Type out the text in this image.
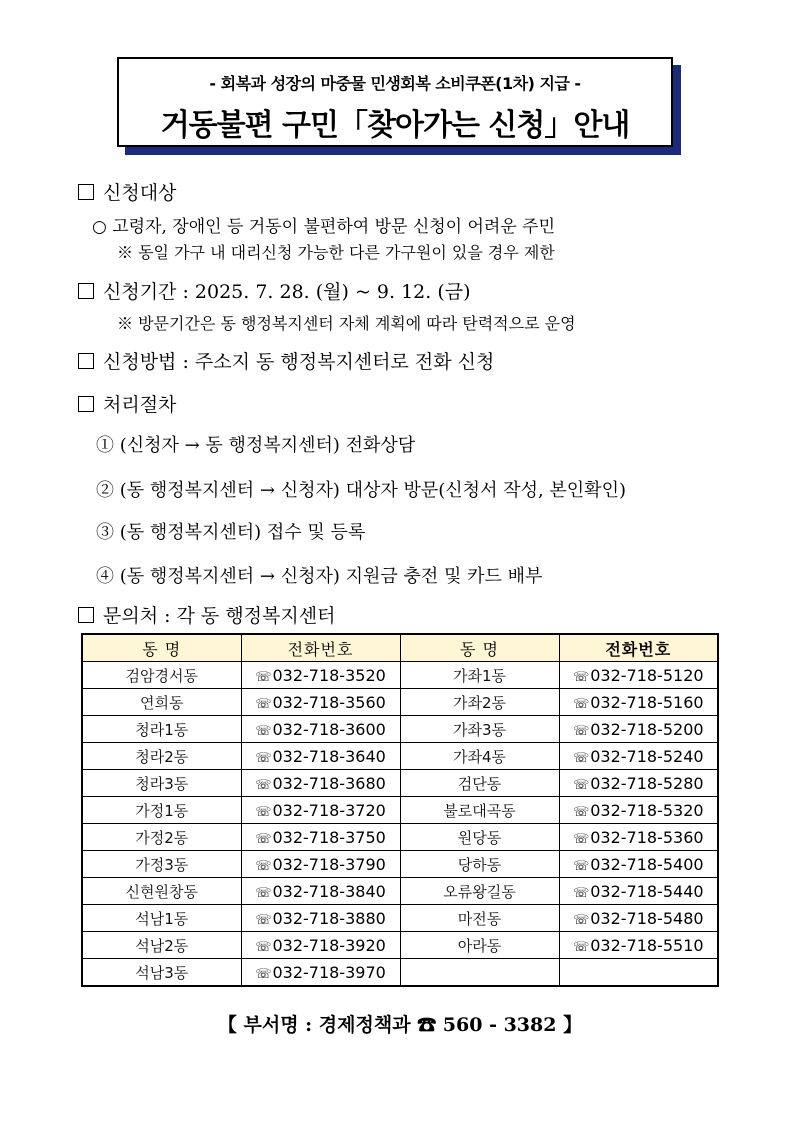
- 회복과 성장의 마중물 민생회복 소비쿠폰(1차) 지급 -
거동불편 구민「찾아가는 신청」안내
신청대상
○ 고령자, 장애인 등 거동이 불편하여 방문 신청이 어려운 주민
※ 동일 가구 내 대리신청 가능한 다른 가구원이 있을 경우 제한
신청기간 : 2025. 7. 28. (월) ~ 9. 12. (금)
※ 방문기간은 동 행정복지센터 자체 계획에 따라 탄력적으로 운영
신청방법 : 주소지 동 행정복지센터로 전화 신청
처리절차
① (신청자 → 동 행정복지센터) 전화상담
② (동 행정복지센터 → 신청자) 대상자 방문(신청서 작성, 본인확인)
③ (동 행정복지센터) 접수 및 등록
④ (동 행정복지센터 → 신청자) 지원금 충전 및 카드 배부
문의처 : 각 동 행정복지센터
동 명	전화번호	동 명	전화번호
검암경서동	☏032-718-3520	가좌1동	☏032-718-5120
연희동	☏032-718-3560	가좌2동	☏032-718-5160
청라1동	☏032-718-3600	가좌3동	☏032-718-5200
청라2동	☏032-718-3640	가좌4동	☏032-718-5240
청라3동	☏032-718-3680	검단동	☏032-718-5280
가정1동	☏032-718-3720	불로대곡동	☏032-718-5320
가정2동	☏032-718-3750	원당동	☏032-718-5360
가정3동	☏032-718-3790	당하동	☏032-718-5400
신현원창동	☏032-718-3840	오류왕길동	☏032-718-5440
석남1동	☏032-718-3880	마전동	☏032-718-5480
석남2동	☏032-718-3920	아라동	☏032-718-5510
석남3동	☏032-718-3970		
【 부서명 : 경제정책과 ☎ 560 - 3382 】
